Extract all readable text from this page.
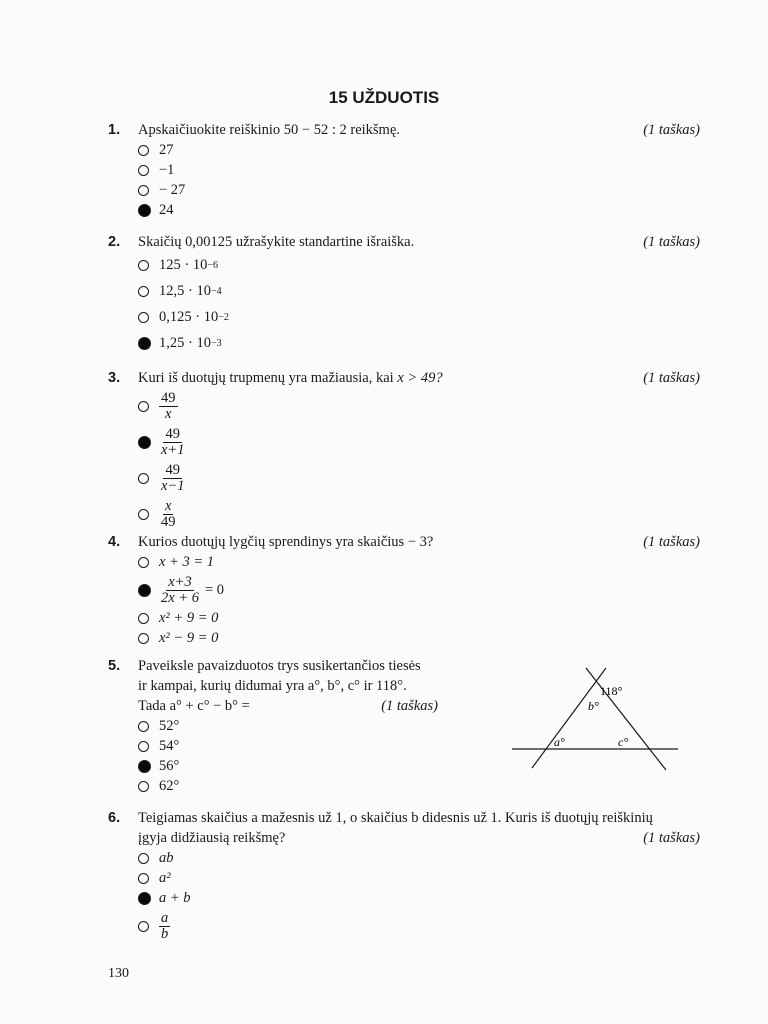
15 UŽDUOTIS
1.	Apskaičiuokite reiškinio 50 − 52 : 2 reikšmę.	(1 taškas)
27
−1
− 27
24
2.	Skaičių 0,00125 užrašykite standartine išraiška.	(1 taškas)
125 · 10 −6
12,5 · 10 −4
0,125 · 10 −2
1,25 · 10 −3
3.	Kuri iš duotųjų trupmenų yra mažiausia, kai x > 49?	(1 taškas)
$\frac{49}{x}$
$\frac{49}{x+1}$
$\frac{49}{x-1}$
$\frac{x}{49}$
4.	Kurios duotųjų lygčių sprendinys yra skaičius − 3?	(1 taškas)
x + 3 = 1
$\frac{x+3}{2x + 6} = 0$
x² + 9 = 0
x² − 9 = 0
5.	Paveiksle pavaizduotos trys susikertančios tiesės
ir kampai, kurių didumai yra a°, b°, c° ir 118°.
Tada a° + c° − b° =	(1 taškas)
52°
54°
56°
62°
118°
b°
a°	c°
6.	Teigiamas skaičius a mažesnis už 1, o skaičius b didesnis už 1. Kuris iš duotųjų reiškinių
įgyja didžiausią reikšmę?	(1 taškas)
ab
a²
a + b
$\frac{a}{b}$
130
